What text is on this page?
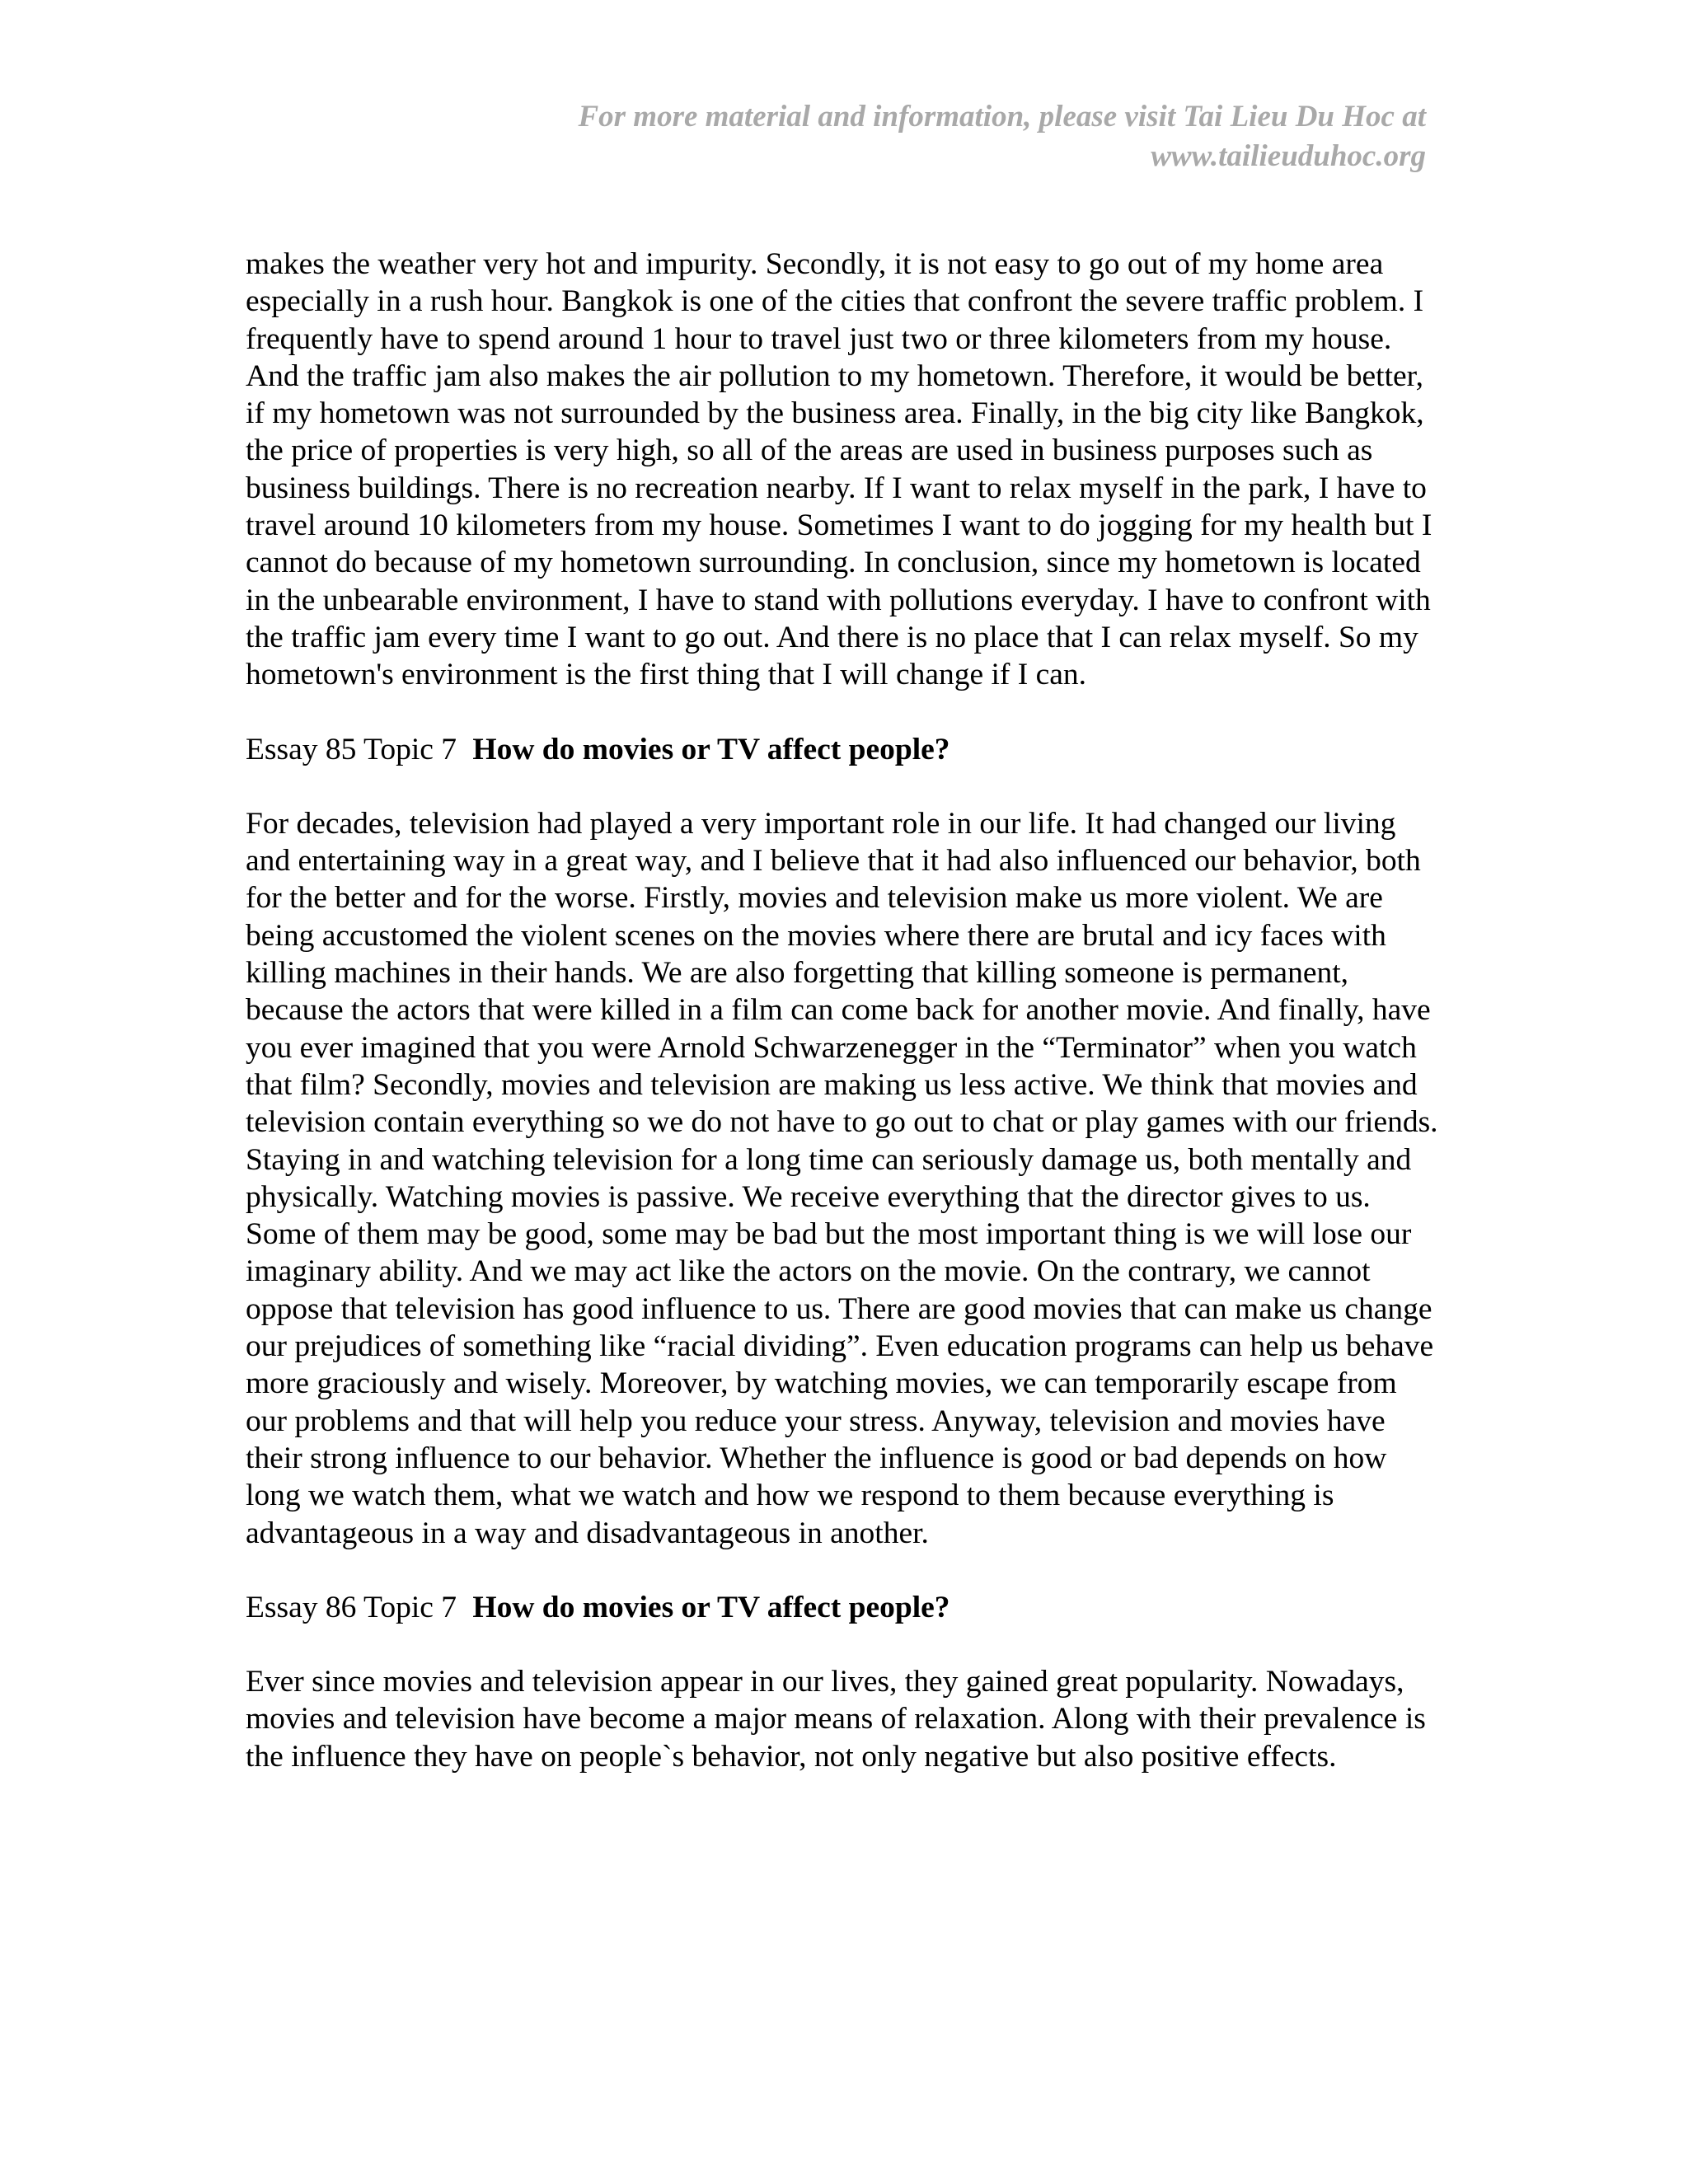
For more material and information, please visit Tai Lieu Du Hoc at
www.tailieuduhoc.org

makes the weather very hot and impurity. Secondly, it is not easy to go out of my home area especially in a rush hour. Bangkok is one of the cities that confront the severe traffic problem. I frequently have to spend around 1 hour to travel just two or three kilometers from my house. And the traffic jam also makes the air pollution to my hometown. Therefore, it would be better, if my hometown was not surrounded by the business area. Finally, in the big city like Bangkok, the price of properties is very high, so all of the areas are used in business purposes such as business buildings. There is no recreation nearby. If I want to relax myself in the park, I have to travel around 10 kilometers from my house. Sometimes I want to do jogging for my health but I cannot do because of my hometown surrounding. In conclusion, since my hometown is located in the unbearable environment, I have to stand with pollutions everyday. I have to confront with the traffic jam every time I want to go out. And there is no place that I can relax myself. So my hometown's environment is the first thing that I will change if I can.

Essay 85 Topic 7 How do movies or TV affect people?

For decades, television had played a very important role in our life. It had changed our living and entertaining way in a great way, and I believe that it had also influenced our behavior, both for the better and for the worse. Firstly, movies and television make us more violent. We are being accustomed the violent scenes on the movies where there are brutal and icy faces with killing machines in their hands. We are also forgetting that killing someone is permanent, because the actors that were killed in a film can come back for another movie. And finally, have you ever imagined that you were Arnold Schwarzenegger in the “Terminator” when you watch that film? Secondly, movies and television are making us less active. We think that movies and television contain everything so we do not have to go out to chat or play games with our friends. Staying in and watching television for a long time can seriously damage us, both mentally and physically. Watching movies is passive. We receive everything that the director gives to us. Some of them may be good, some may be bad but the most important thing is we will lose our imaginary ability. And we may act like the actors on the movie. On the contrary, we cannot oppose that television has good influence to us. There are good movies that can make us change our prejudices of something like “racial dividing”. Even education programs can help us behave more graciously and wisely. Moreover, by watching movies, we can temporarily escape from our problems and that will help you reduce your stress. Anyway, television and movies have their strong influence to our behavior. Whether the influence is good or bad depends on how long we watch them, what we watch and how we respond to them because everything is advantageous in a way and disadvantageous in another.

Essay 86 Topic 7 How do movies or TV affect people?

Ever since movies and television appear in our lives, they gained great popularity. Nowadays, movies and television have become a major means of relaxation. Along with their prevalence is the influence they have on people`s behavior, not only negative but also positive effects.
